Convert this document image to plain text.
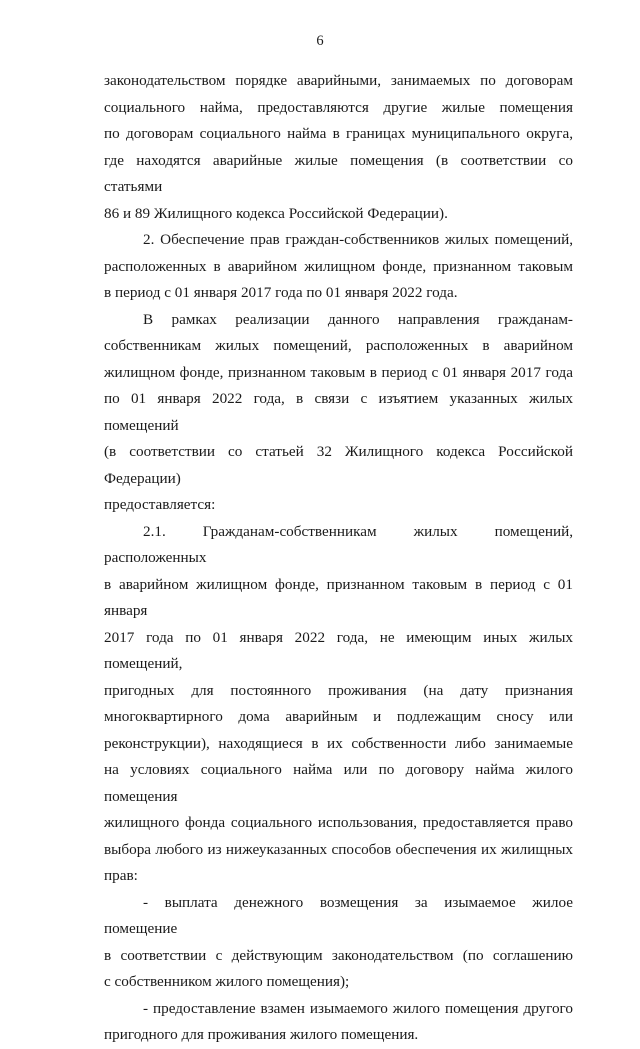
6

законодательством порядке аварийными, занимаемых по договорам

социального найма, предоставляются другие жилые помещения

по договорам социального найма в границах муниципального округа,

где находятся аварийные жилые помещения (в соответствии со статьями

86 и 89 Жилищного кодекса Российской Федерации).

2. Обеспечение прав граждан-собственников жилых помещений,

расположенных в аварийном жилищном фонде, признанном таковым

в период с 01 января 2017 года по 01 января 2022 года.

В рамках реализации данного направления гражданам-

собственникам жилых помещений, расположенных в аварийном

жилищном фонде, признанном таковым в период с 01 января 2017 года

по 01 января 2022 года, в связи с изъятием указанных жилых помещений

(в соответствии со статьей 32 Жилищного кодекса Российской Федерации)

предоставляется:

2.1. Гражданам-собственникам жилых помещений, расположенных

в аварийном жилищном фонде, признанном таковым в период с 01 января

2017 года по 01 января 2022 года, не имеющим иных жилых помещений,

пригодных для постоянного проживания (на дату признания

многоквартирного дома аварийным и подлежащим сносу или

реконструкции), находящиеся в их собственности либо занимаемые

на условиях социального найма или по договору найма жилого помещения

жилищного фонда социального использования, предоставляется право

выбора любого из нижеуказанных способов обеспечения их жилищных

прав:

- выплата денежного возмещения за изымаемое жилое помещение

в соответствии с действующим законодательством (по соглашению

с собственником жилого помещения);

- предоставление взамен изымаемого жилого помещения другого

пригодного для проживания жилого помещения.
